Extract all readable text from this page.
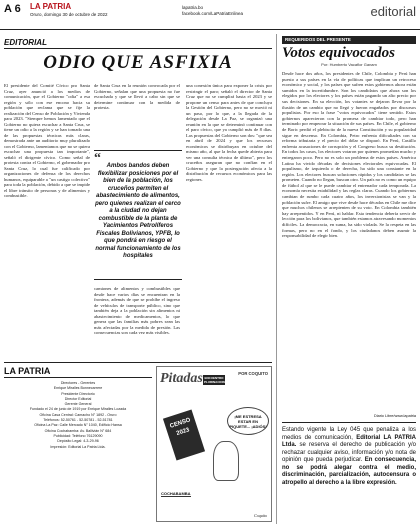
A 6 LA PATRIA
Oruro, domingo 30 de octubre de 2022
lapatria.bo
facebook.com/LaPatriaEnlinea	editorial
EDITORIAL
ODIO QUE ASFIXIA
El presidente del Comité Cívico pro Santa Cruz, ayer anunció a los medios de comunicación, que el Gobierno "odia" a esa región y sólo con ese encono hacia su población que reclama que se fije la realización del Censo de Población y Vivienda para 2023. "Siempre hemos lamentado que el Gobierno no quiera escuchar a Santa Cruz, se tiene un odio a la región y se han tomado una de las propuestas técnicas más claras, demostrada ante un auditorio muy pluralizado con el Gobierno, lamentamos que no se quiera escuchar una propuesta tan importante", señaló el dirigente cívico. Como señal de protesta contra el Gobierno, el gobernador pro Santa Cruz, lo cual fue calificado por organizaciones de defensa de los derechos humanos, equiparable a "un castigo colectivo" para toda la población, debido a que se impide el libre tránsito de personas y de alimentos y combustible.
de Santa Cruz en la reunión convocada por el Gobierno, señalan que una propuesta no fue escuchada y que se llevó a cabo sin que se determine continuar con la medida de protesta.
“ Ambos bandos deben flexibilizar posiciones por el bien de la población, los cruceños permiten el abastecimiento de alimentos, pero quienes realizan el cerco a la ciudad no dejan combustible de la planta de Yacimientos Petrolíferos Fiscales Bolivianos, YPFB, lo que pondrá en riesgo el normal funcionamiento de los hospitales
camiones de alimentos y combustibles que desde hace varios días se encuentran en la frontera, además de que se prohíbe el ingreso de vehículos de transporte público, sino que también deja a la población sin alimentos ni abastecimiento de medicamentos, lo que genera que las familias más pobres sean las más afectadas por la medida de presión. Las consecuencias son cada vez más visibles.
una conexión única para exponer la crisis por restringir el paro; señaló el director de Santa Cruz que no se cumplirá hasta el 2023 y se propone un censo para antes de que concluya la Gestión del Gobierno, pero no se movió ni un paso, por lo que, a la llegada de la delegación desde La Paz, se organizó una reunión en la que se determinó continuar con el paro cívico, que ya cumplió más de 8 días. Las propuestas del Gobierno son dos: "que sea en abril de 2024 y que los recursos económicos se distribuyan en octubre del mismo año, al que la fecha quede abierta para ver una consulta técnica de último", pero los cruceños aseguran que no confían en el Gobierno y que la postergación afecta a la distribución de recursos económicos para las regiones.
LA PATRIA
Directores - Gerentes
Enrique Miralles Bonnecarrere
Presidente Directorio
Director Editorial
Gerente General
Fundado el 24 de junio de 1919 por Enrique Miralles Lozada
Oficina Casa Central: Camacho N° 1892 - Oruro
Teléfonos: 52-50761 - 52-50781 - 52-51781
Oficina La Paz: Calle Mercado N° 1040, Edificio Hansa
Oficina Cochabamba: Av. Ballivián N° 684
Publicidad: Teléfono 76129090
Depósito Legal: 4-3-29-96
Impresión: Editorial La Patria Ltda.
Pitadas ENCUENTRO PLURINACIONAL
POR COQUITO
CENSO 2023
¡ME ESTRESA ESTAR EN PIQUETE... ¡ADIÓS!
COCHABAMBA
Coquito
REQUERIDOS DEL PRESENTE
Votos equivocados
Por: Humberto Vacaflor Ganam
Desde hace dos años, los presidentes de Chile, Colombia y Perú han puesto a sus países en la vía de políticas que implican un retroceso económico y social, y los países que sufren estos gobiernos ahora están sumidos en la incertidumbre. Son los candidatos que ahora son los elegidos por los electores y los países están pagando un alto precio por sus decisiones. En su elección, los votantes se dejaron llevar por la ilusión de un cambio que no llegó y fueron engañados por discursos populistas. Por eso la frase "votos equivocados" tiene sentido. Estos gobiernos aparecieron con la promesa de cambiar todo, pero han terminado por empeorar la situación de sus países. En Chile, el gobierno de Boric perdió el plebiscito de la nueva Constitución y su popularidad sigue en descenso. En Colombia, Petro enfrenta dificultades con su reforma tributaria y el precio del dólar se disparó. En Perú, Castillo enfrenta acusaciones de corrupción y el Congreso busca su destitución. En todos los casos, los electores votaron por quienes prometían mucho y entregaron poco. Pero no es solo un problema de estos países. América Latina ha vivido décadas de decisiones electorales equivocadas. El populismo, de izquierda o de derecha, ha sido una constante en la región. Los electores buscan soluciones rápidas y los candidatos se las prometen. Cuando no llegan, buscan otro. Un país no es como un equipo de fútbol al que se le puede cambiar el entrenador cada temporada. La economía necesita estabilidad y las reglas claras. Cuando los gobiernos cambian de rumbo cada cuatro años, los inversionistas se van y la población sufre. El amigo que vive desde hace décadas en Chile me dice que muchos chilenos se arrepienten de su voto. En Colombia también hay arrepentidos. Y en Perú, ni hablar. Esta tendencia debería servir de lección para los bolivianos, que también estamos atravesando momentos difíciles. La democracia, en suma, ha sido violada. Se la respeta en las formas, pero no en el fondo, y los ciudadanos deben asumir la responsabilidad de elegir bien.
Diario Libre/www.lapatria
Estando vigente la Ley 045 que penaliza a los medios de comunicación, Editorial LA PATRIA Ltda. se reserva el derecho de publicación y/o rechazar cualquier aviso, información y/o nota de opinión que pueda perjudicar. En consecuencia, no se podrá alegar contra el medio, discriminación, parcialización, autocensura o atropello al derecho a la libre expresión.
